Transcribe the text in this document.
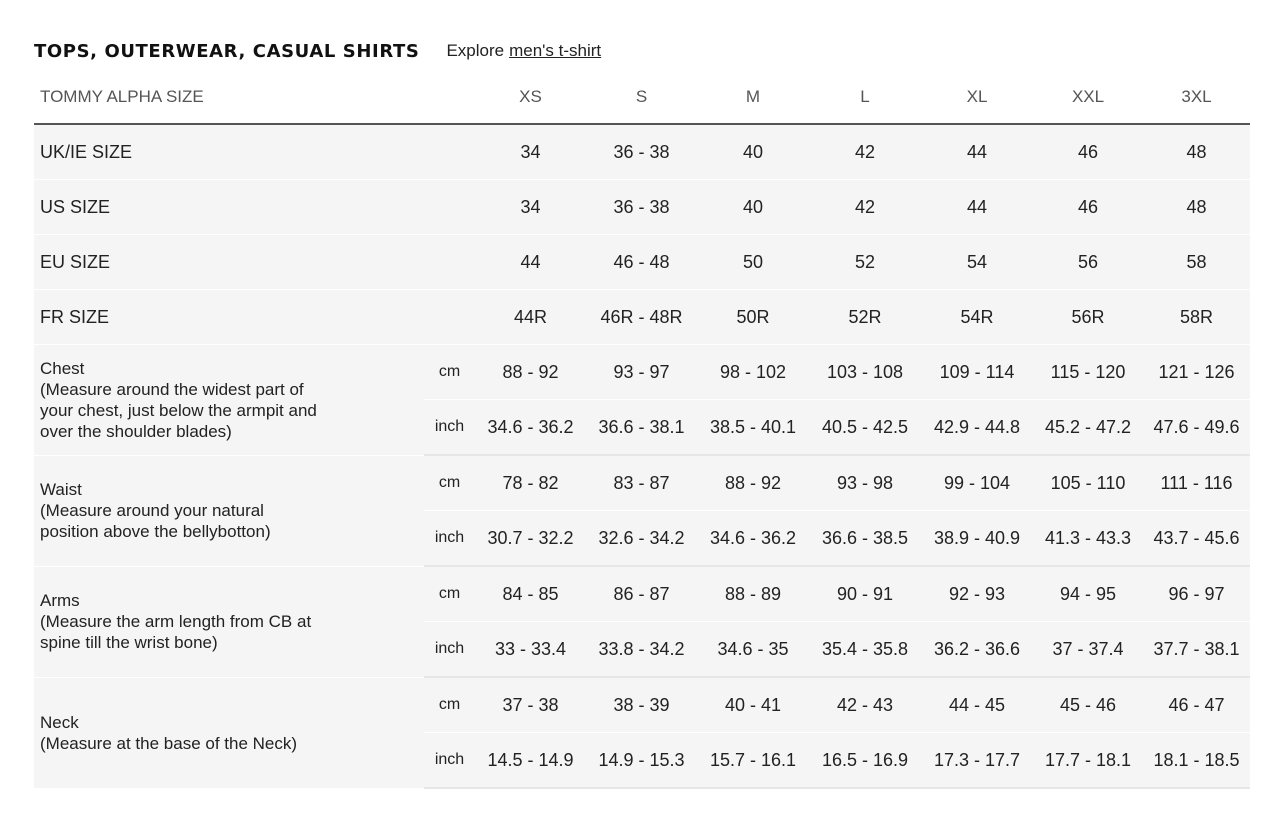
TOPS, OUTERWEAR, CASUAL SHIRTS Explore men's t-shirt
TOMMY ALPHA SIZE		XS	S	M	L	XL	XXL	3XL
UK/IE SIZE		34	36 - 38	40	42	44	46	48
US SIZE		34	36 - 38	40	42	44	46	48
EU SIZE		44	46 - 48	50	52	54	56	58
FR SIZE		44R	46R - 48R	50R	52R	54R	56R	58R

Chest
(Measure around the widest part of your chest, just below the armpit and over the shoulder blades)	cm	88 - 92	93 - 97	98 - 102	103 - 108	109 - 114	115 - 120	121 - 126
	inch	34.6 - 36.2	36.6 - 38.1	38.5 - 40.1	40.5 - 42.5	42.9 - 44.8	45.2 - 47.2	47.6 - 49.6

Waist
(Measure around your natural position above the bellybotton)	cm	78 - 82	83 - 87	88 - 92	93 - 98	99 - 104	105 - 110	111 - 116
	inch	30.7 - 32.2	32.6 - 34.2	34.6 - 36.2	36.6 - 38.5	38.9 - 40.9	41.3 - 43.3	43.7 - 45.6

Arms
(Measure the arm length from CB at spine till the wrist bone)	cm	84 - 85	86 - 87	88 - 89	90 - 91	92 - 93	94 - 95	96 - 97
	inch	33 - 33.4	33.8 - 34.2	34.6 - 35	35.4 - 35.8	36.2 - 36.6	37 - 37.4	37.7 - 38.1

Neck
(Measure at the base of the Neck)	cm	37 - 38	38 - 39	40 - 41	42 - 43	44 - 45	45 - 46	46 - 47
	inch	14.5 - 14.9	14.9 - 15.3	15.7 - 16.1	16.5 - 16.9	17.3 - 17.7	17.7 - 18.1	18.1 - 18.5
